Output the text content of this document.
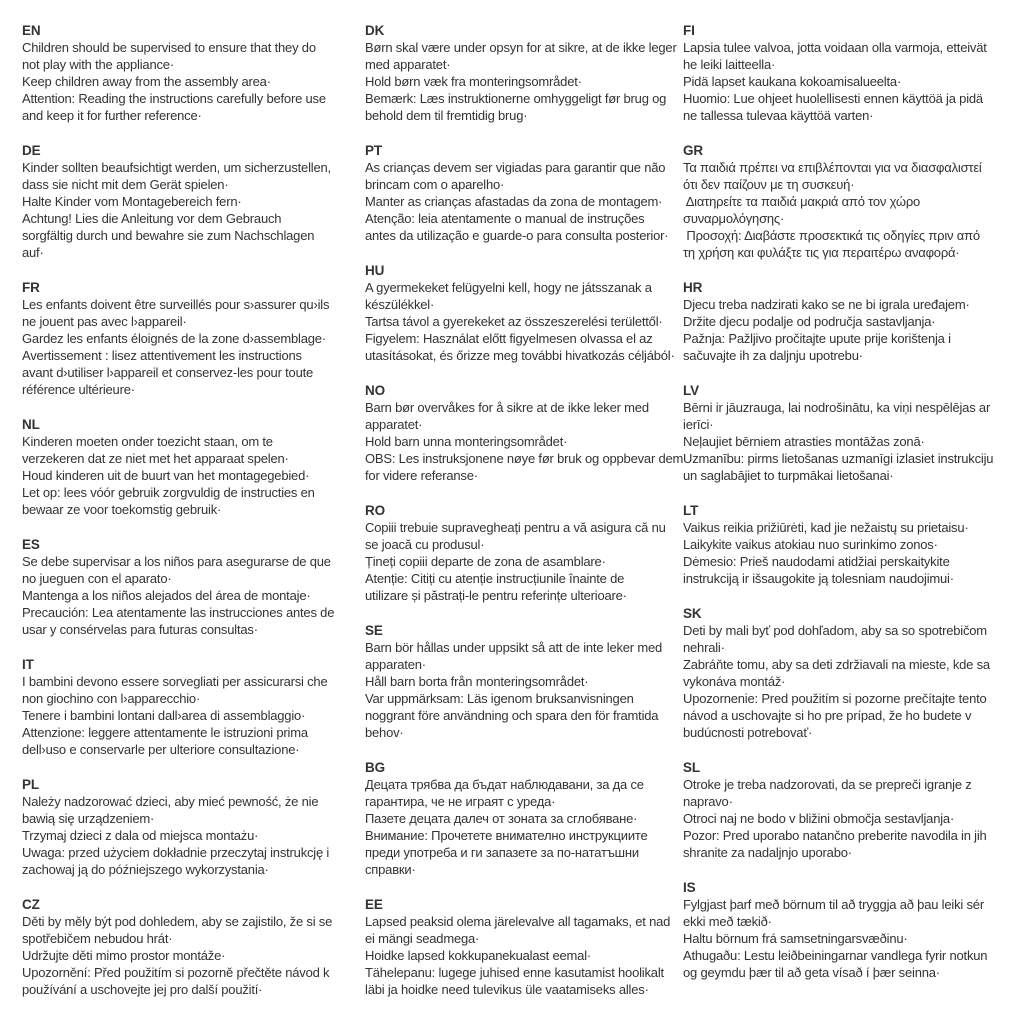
EN
Children should be supervised to ensure that they do
not play with the appliance·
Keep children away from the assembly area·
Attention: Reading the instructions carefully before use
and keep it for further reference·
DE
Kinder sollten beaufsichtigt werden, um sicherzustellen,
dass sie nicht mit dem Gerät spielen·
Halte Kinder vom Montagebereich fern·
Achtung! Lies die Anleitung vor dem Gebrauch
sorgfältig durch und bewahre sie zum Nachschlagen
auf·
FR
Les enfants doivent être surveillés pour s›assurer qu›ils
ne jouent pas avec l›appareil·
Gardez les enfants éloignés de la zone d›assemblage·
Avertissement : lisez attentivement les instructions
avant d›utiliser l›appareil et conservez-les pour toute
référence ultérieure·
NL
Kinderen moeten onder toezicht staan, om te
verzekeren dat ze niet met het apparaat spelen·
Houd kinderen uit de buurt van het montagegebied·
Let op: lees vóór gebruik zorgvuldig de instructies en
bewaar ze voor toekomstig gebruik·
ES
Se debe supervisar a los niños para asegurarse de que
no jueguen con el aparato·
Mantenga a los niños alejados del área de montaje·
Precaución: Lea atentamente las instrucciones antes de
usar y consérvelas para futuras consultas·
IT
I bambini devono essere sorvegliati per assicurarsi che
non giochino con l›apparecchio·
Tenere i bambini lontani dall›area di assemblaggio·
Attenzione: leggere attentamente le istruzioni prima
dell›uso e conservarle per ulteriore consultazione·
PL
Należy nadzorować dzieci, aby mieć pewność, że nie
bawią się urządzeniem·
Trzymaj dzieci z dala od miejsca montażu·
Uwaga: przed użyciem dokładnie przeczytaj instrukcję i
zachowaj ją do późniejszego wykorzystania·
CZ
Děti by měly být pod dohledem, aby se zajistilo, že si se
spotřebičem nebudou hrát·
Udržujte děti mimo prostor montáže·
Upozornění: Před použitím si pozorně přečtěte návod k
používání a uschovejte jej pro další použití·
DK
Børn skal være under opsyn for at sikre, at de ikke leger
med apparatet·
Hold børn væk fra monteringsområdet·
Bemærk: Læs instruktionerne omhyggeligt før brug og
behold dem til fremtidig brug·
PT
As crianças devem ser vigiadas para garantir que não
brincam com o aparelho·
Manter as crianças afastadas da zona de montagem·
Atenção: leia atentamente o manual de instruções
antes da utilização e guarde-o para consulta posterior·
HU
A gyermekeket felügyelni kell, hogy ne játsszanak a
készülékkel·
Tartsa távol a gyerekeket az összeszerelési területtől·
Figyelem: Használat előtt figyelmesen olvassa el az
utasításokat, és őrizze meg további hivatkozás céljából·
NO
Barn bør overvåkes for å sikre at de ikke leker med
apparatet·
Hold barn unna monteringsområdet·
OBS: Les instruksjonene nøye før bruk og oppbevar dem
for videre referanse·
RO
Copiii trebuie supravegheați pentru a vă asigura că nu
se joacă cu produsul·
Țineți copiii departe de zona de asamblare·
Atenție: Citiți cu atenție instrucțiunile înainte de
utilizare și păstrați-le pentru referințe ulterioare·
SE
Barn bör hållas under uppsikt så att de inte leker med
apparaten·
Håll barn borta från monteringsområdet·
Var uppmärksam: Läs igenom bruksanvisningen
noggrant före användning och spara den för framtida
behov·
BG
Децата трябва да бъдат наблюдавани, за да се
гарантира, че не играят с уреда·
Пазете децата далеч от зоната за сглобяване·
Внимание: Прочетете внимателно инструкциите
преди употреба и ги запазете за по-нататъшни
справки·
EE
Lapsed peaksid olema järelevalve all tagamaks, et nad
ei mängi seadmega·
Hoidke lapsed kokkupanekualast eemal·
Tähelepanu: lugege juhised enne kasutamist hoolikalt
läbi ja hoidke need tulevikus üle vaatamiseks alles·
FI
Lapsia tulee valvoa, jotta voidaan olla varmoja, etteivät
he leiki laitteella·
Pidä lapset kaukana kokoamisalueelta·
Huomio: Lue ohjeet huolellisesti ennen käyttöä ja pidä
ne tallessa tulevaa käyttöä varten·
GR
Τα παιδιά πρέπει να επιβλέπονται για να διασφαλιστεί
ότι δεν παίζουν με τη συσκευή·
Διατηρείτε τα παιδιά μακριά από τον χώρο
συναρμολόγησης·
Προσοχή: Διαβάστε προσεκτικά τις οδηγίες πριν από
τη χρήση και φυλάξτε τις για περαιτέρω αναφορά·
HR
Djecu treba nadzirati kako se ne bi igrala uređajem·
Držite djecu podalje od područja sastavljanja·
Pažnja: Pažljivo pročitajte upute prije korištenja i
sačuvajte ih za daljnju upotrebu·
LV
Bērni ir jāuzrauga, lai nodrošinātu, ka viņi nespēlējas ar
ierīci·
Neļaujiet bērniem atrasties montāžas zonā·
Uzmanību: pirms lietošanas uzmanīgi izlasiet instrukciju
un saglabājiet to turpmākai lietošanai·
LT
Vaikus reikia prižiūrėti, kad jie nežaistų su prietaisu·
Laikykite vaikus atokiau nuo surinkimo zonos·
Dėmesio: Prieš naudodami atidžiai perskaitykite
instrukciją ir išsaugokite ją tolesniam naudojimui·
SK
Deti by mali byť pod dohľadom, aby sa so spotrebičom
nehrali·
Zabráňte tomu, aby sa deti zdržiavali na mieste, kde sa
vykonáva montáž·
Upozornenie: Pred použitím si pozorne prečítajte tento
návod a uschovajte si ho pre prípad, že ho budete v
budúcnosti potrebovať·
SL
Otroke je treba nadzorovati, da se prepreči igranje z
napravo·
Otroci naj ne bodo v bližini območja sestavljanja·
Pozor: Pred uporabo natančno preberite navodila in jih
shranite za nadaljnjo uporabo·
IS
Fylgjast þarf með börnum til að tryggja að þau leiki sér
ekki með tækið·
Haltu börnum frá samsetningarsvæðinu·
Athugaðu: Lestu leiðbeiningarnar vandlega fyrir notkun
og geymdu þær til að geta vísað í þær seinna·
